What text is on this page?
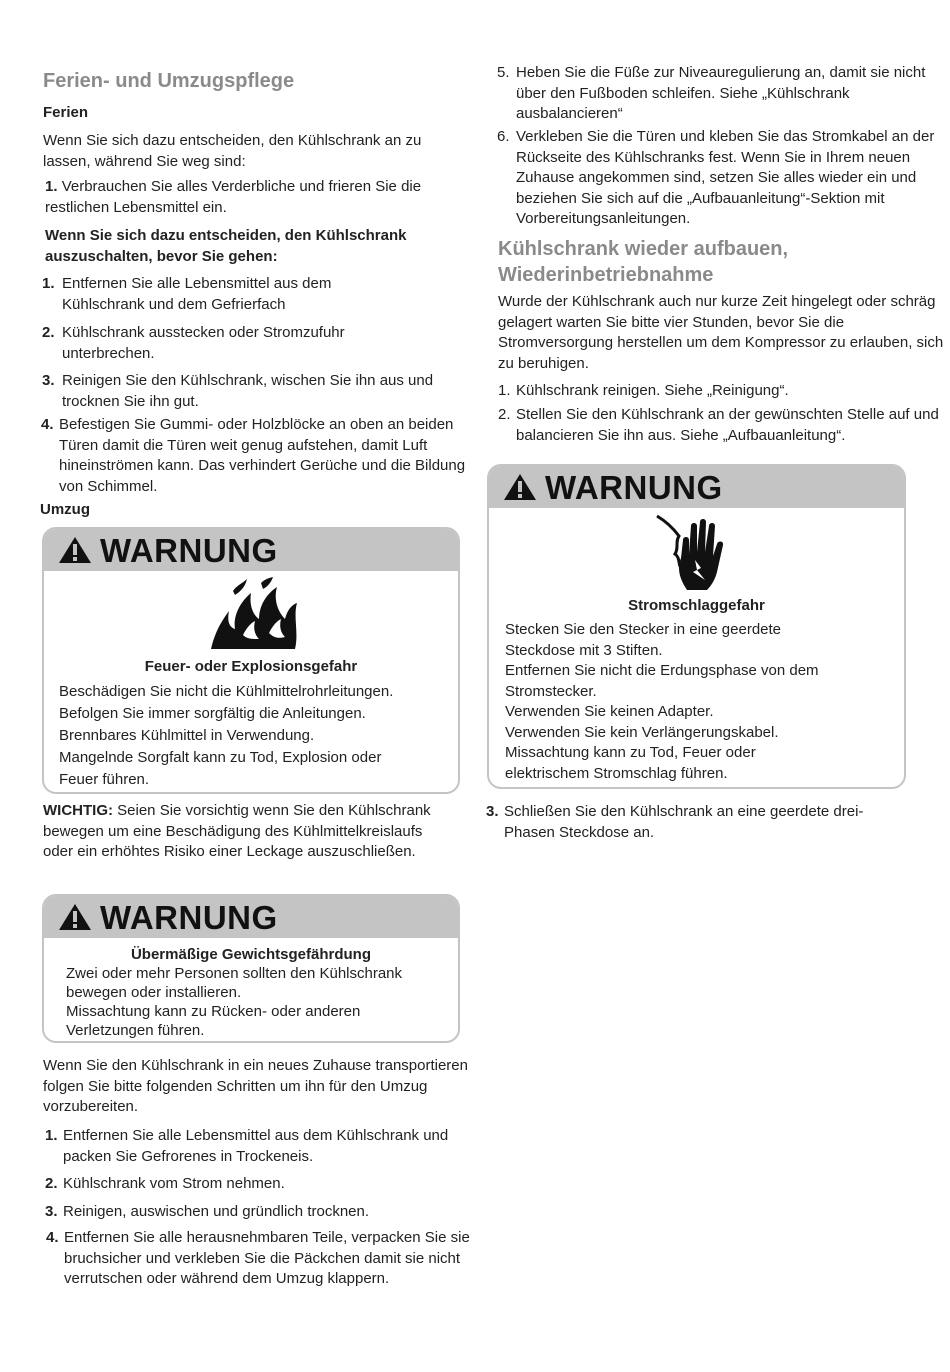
Ferien- und Umzugspflege
Ferien
Wenn Sie sich dazu entscheiden, den Kühlschrank an zu lassen, während Sie weg sind:
1. Verbrauchen Sie alles Verderbliche und frieren Sie die restlichen Lebensmittel ein.
Wenn Sie sich dazu entscheiden, den Kühlschrank auszuschalten, bevor Sie gehen:
1. Entfernen Sie alle Lebensmittel aus dem Kühlschrank und dem Gefrierfach
2. Kühlschrank ausstecken oder Stromzufuhr unterbrechen.
3. Reinigen Sie den Kühlschrank, wischen Sie ihn aus und trocknen Sie ihn gut.
4. Befestigen Sie Gummi- oder Holzblöcke an oben an beiden Türen damit die Türen weit genug aufstehen, damit Luft hineinströmen kann. Das verhindert Gerüche und die Bildung von Schimmel.
Umzug
WARNUNG
Feuer- oder Explosionsgefahr
Beschädigen Sie nicht die Kühlmittelrohrleitungen.
Befolgen Sie immer sorgfältig die Anleitungen.
Brennbares Kühlmittel in Verwendung.
Mangelnde Sorgfalt kann zu Tod, Explosion oder
Feuer führen.
WICHTIG: Seien Sie vorsichtig wenn Sie den Kühlschrank bewegen um eine Beschädigung des Kühlmittelkreislaufs oder ein erhöhtes Risiko einer Leckage auszuschließen.
WARNUNG
Übermäßige Gewichtsgefährdung
Zwei oder mehr Personen sollten den Kühlschrank
bewegen oder installieren.
Missachtung kann zu Rücken- oder anderen
Verletzungen führen.
Wenn Sie den Kühlschrank in ein neues Zuhause transportieren folgen Sie bitte folgenden Schritten um ihn für den Umzug vorzubereiten.
1. Entfernen Sie alle Lebensmittel aus dem Kühlschrank und packen Sie Gefrorenes in Trockeneis.
2. Kühlschrank vom Strom nehmen.
3. Reinigen, auswischen und gründlich trocknen.
4. Entfernen Sie alle herausnehmbaren Teile, verpacken Sie sie bruchsicher und verkleben Sie die Päckchen damit sie nicht verrutschen oder während dem Umzug klappern.
5. Heben Sie die Füße zur Niveauregulierung an, damit sie nicht über den Fußboden schleifen. Siehe „Kühlschrank ausbalancieren“
6. Verkleben Sie die Türen und kleben Sie das Stromkabel an der Rückseite des Kühlschranks fest. Wenn Sie in Ihrem neuen Zuhause angekommen sind, setzen Sie alles wieder ein und beziehen Sie sich auf die „Aufbauanleitung“-Sektion mit Vorbereitungsanleitungen.
Kühlschrank wieder aufbauen,
Wiederinbetriebnahme
Wurde der Kühlschrank auch nur kurze Zeit hingelegt oder schräg gelagert warten Sie bitte vier Stunden, bevor Sie die Stromversorgung herstellen um dem Kompressor zu erlauben, sich zu beruhigen.
1. Kühlschrank reinigen. Siehe „Reinigung“.
2. Stellen Sie den Kühlschrank an der gewünschten Stelle auf und balancieren Sie ihn aus. Siehe „Aufbauanleitung“.
WARNUNG
Stromschlaggefahr
Stecken Sie den Stecker in eine geerdete
Steckdose mit 3 Stiften.
Entfernen Sie nicht die Erdungsphase von dem
Stromstecker.
Verwenden Sie keinen Adapter.
Verwenden Sie kein Verlängerungskabel.
Missachtung kann zu Tod, Feuer oder
elektrischem Stromschlag führen.
3. Schließen Sie den Kühlschrank an eine geerdete drei-Phasen Steckdose an.
